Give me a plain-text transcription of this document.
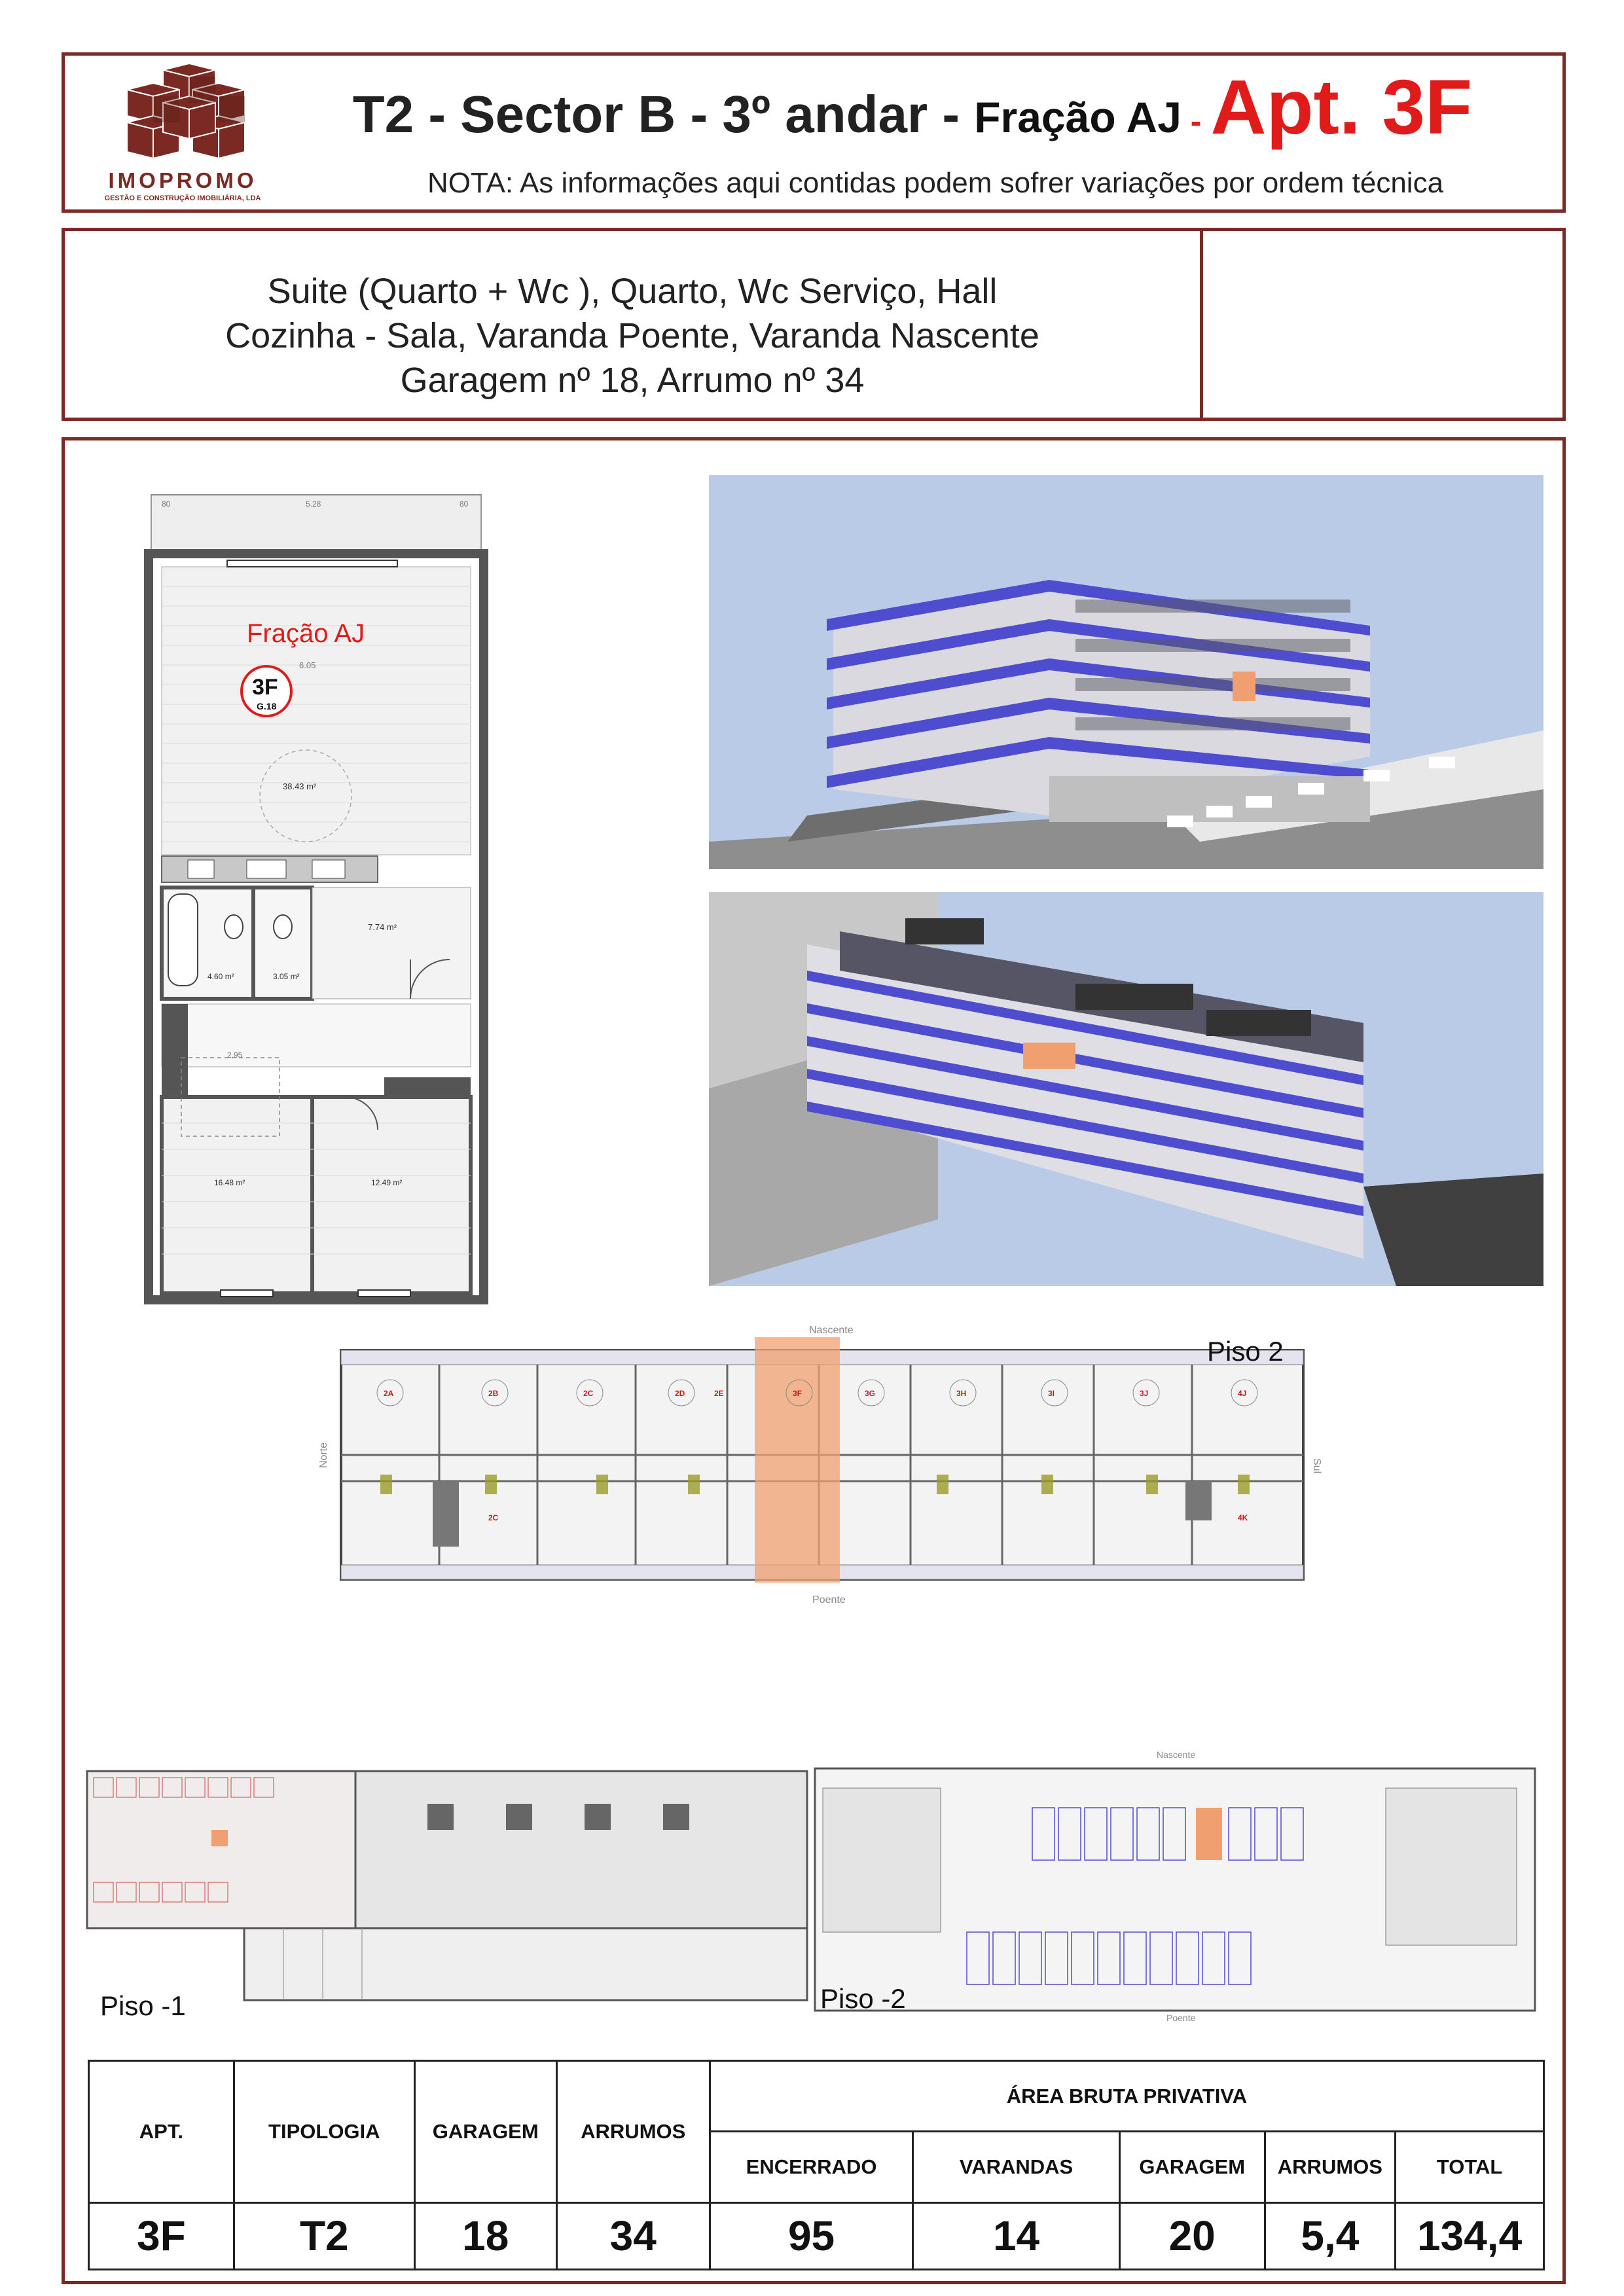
IMOPROMO
GESTÃO E CONSTRUÇÃO IMOBILIÁRIA, LDA
T2 - Sector B - 3º andar - Fração AJ - Apt. 3F
NOTA: As informações aqui contidas podem sofrer variações por ordem técnica
Suite (Quarto + Wc ), Quarto, Wc Serviço, Hall
Cozinha - Sala, Varanda Poente, Varanda Nascente
Garagem nº 18, Arrumo nº 34
80	5.28	80
Fração AJ
3F
G.18
38.43 m²
6.05
4.60 m²	3.05 m²
7.74 m²
2.95
16.48 m²	12.49 m²
Nascente
Poente
Norte	Sul
2A	2B	2C	2D	2E	3F	3G	3H	3I	3J	4J
2C	4K
Piso 2
Piso -1
Nascente
Poente
Piso -2
APT.	TIPOLOGIA	GARAGEM	ARRUMOS	ÁREA BRUTA PRIVATIVA				
				ENCERRADO	VARANDAS	GARAGEM	ARRUMOS	TOTAL
3F	T2	18	34	95	14	20	5,4	134,4
